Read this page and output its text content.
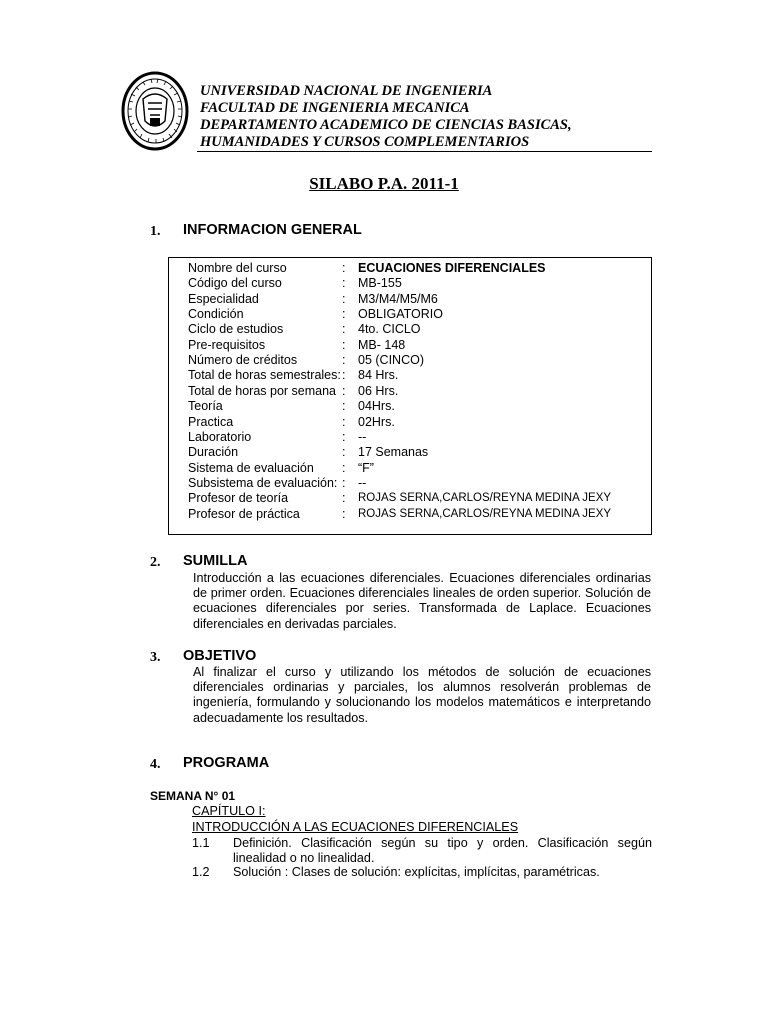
UNIVERSIDAD NACIONAL DE INGENIERIA
FACULTAD DE INGENIERIA MECANICA
DEPARTAMENTO ACADEMICO DE CIENCIAS BASICAS,
HUMANIDADES Y CURSOS COMPLEMENTARIOS
SILABO P.A. 2011-1
1. INFORMACION GENERAL
Nombre del curso	: ECUACIONES DIFERENCIALES
Código del curso	: MB-155
Especialidad	: M3/M4/M5/M6
Condición	: OBLIGATORIO
Ciclo de estudios	: 4to. CICLO
Pre-requisitos	: MB- 148
Número de créditos	: 05 (CINCO)
Total de horas semestrales: : 84 Hrs.
Total de horas por semana : 06 Hrs.
Teoría	: 04Hrs.
Practica	: 02Hrs.
Laboratorio	: --
Duración	: 17 Semanas
Sistema de evaluación : “F”
Subsistema de evaluación: : --
Profesor de teoría	: ROJAS SERNA,CARLOS/REYNA MEDINA JEXY
Profesor de práctica	: ROJAS SERNA,CARLOS/REYNA MEDINA JEXY
2. SUMILLA
Introducción a las ecuaciones diferenciales. Ecuaciones diferenciales ordinarias de primer orden. Ecuaciones diferenciales lineales de orden superior. Solución de ecuaciones diferenciales por series. Transformada de Laplace. Ecuaciones diferenciales en derivadas parciales.
3. OBJETIVO
Al finalizar el curso y utilizando los métodos de solución de ecuaciones diferenciales ordinarias y parciales, los alumnos resolverán problemas de ingeniería, formulando y solucionando los modelos matemáticos e interpretando adecuadamente los resultados.
4. PROGRAMA
SEMANA N° 01
CAPÍTULO I:
INTRODUCCIÓN A LAS ECUACIONES DIFERENCIALES
1.1 Definición. Clasificación según su tipo y orden. Clasificación según linealidad o no linealidad.
1.2 Solución : Clases de solución: explícitas, implícitas, paramétricas.
